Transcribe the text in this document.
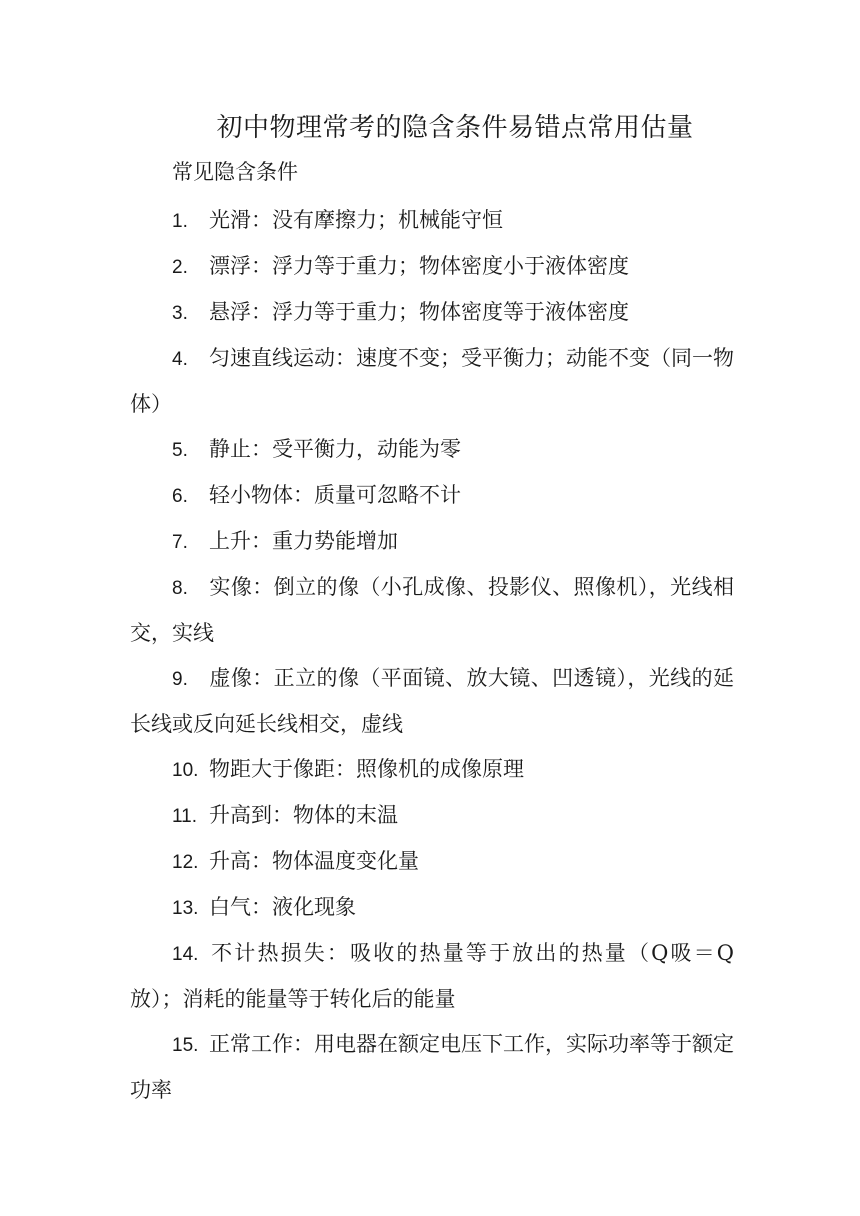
初中物理常考的隐含条件易错点常用估量
常见隐含条件
1. 光滑：没有摩擦力；机械能守恒
2. 漂浮：浮力等于重力；物体密度小于液体密度
3. 悬浮：浮力等于重力；物体密度等于液体密度
4. 匀速直线运动：速度不变；受平衡力；动能不变（同一物体）
5. 静止：受平衡力，动能为零
6. 轻小物体：质量可忽略不计
7. 上升：重力势能增加
8. 实像：倒立的像（小孔成像、投影仪、照像机），光线相交，实线
9. 虚像：正立的像（平面镜、放大镜、凹透镜），光线的延长线或反向延长线相交，虚线
10. 物距大于像距：照像机的成像原理
11. 升高到：物体的末温
12. 升高：物体温度变化量
13. 白气：液化现象
14. 不计热损失：吸收的热量等于放出的热量（Q吸＝Q放）；消耗的能量等于转化后的能量
15. 正常工作：用电器在额定电压下工作，实际功率等于额定功率
